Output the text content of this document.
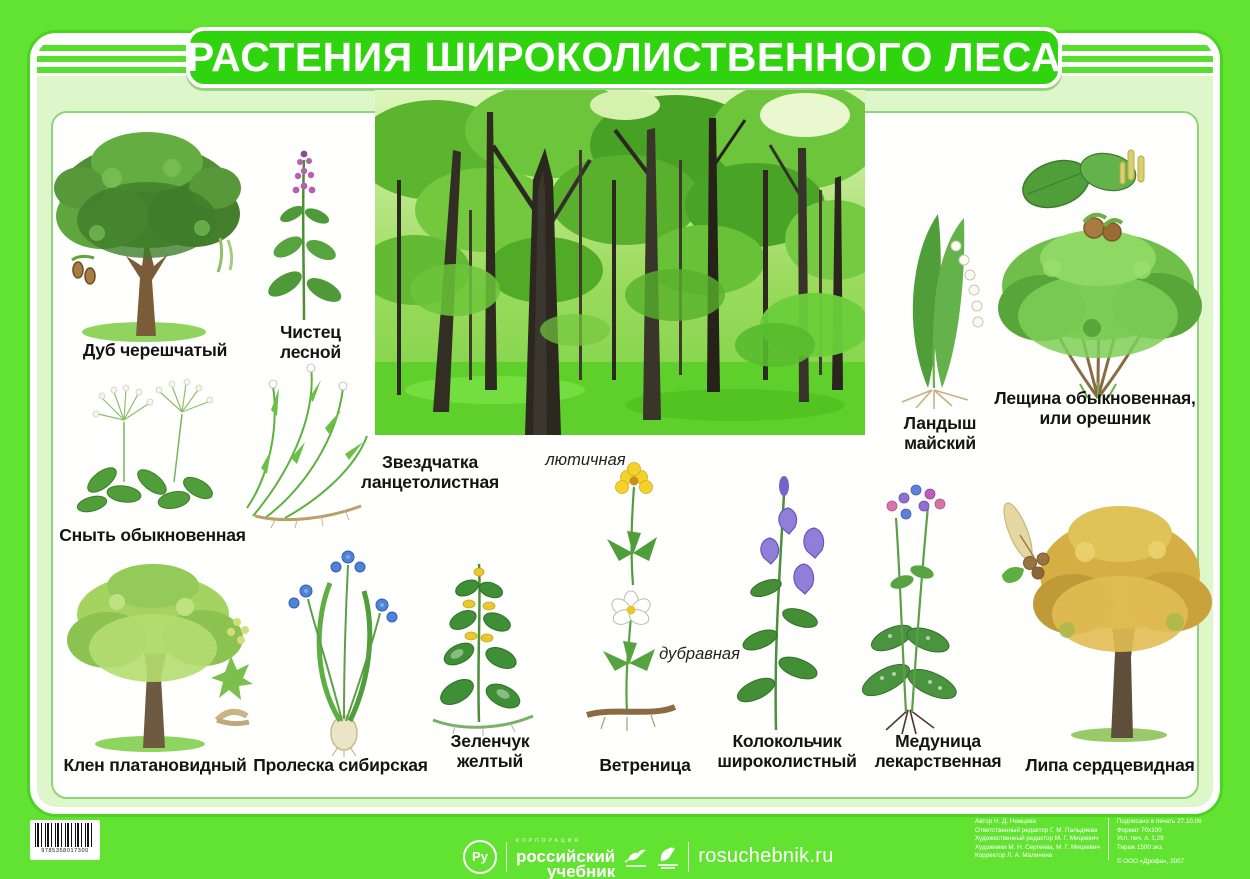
РАСТЕНИЯ ШИРОКОЛИСТВЕННОГО ЛЕСА
Дуб черешчатый
Чистец лесной
Сныть обыкновенная
Звездчатка ланцетолистная
Ландыш майский
Лещина обыкновенная, или орешник
Клен платановидный Пролеска сибирская
Зеленчук желтый	Ветреница
Колокольчик широколистный
Медуница лекарственная	Липа сердцевидная
лютичная
дубравная
9785358017300	Ру
КОРПОРАЦИЯ
российский
учебник
rosuchebnik.ru
Автор Н. Д. Немцева
Ответственный редактор Г. М. Пальдяева
Художественный редактор М. Г. Мицкевич
Художники М. Н. Сергеева, М. Г. Мицкевич
Корректор Л. А. Малинина
Подписано в печать 27.10.06
Формат 70x100
Усл. печ. л. 1,29
Тираж 1500 экз.
© ООО «Дрофа», 2007
